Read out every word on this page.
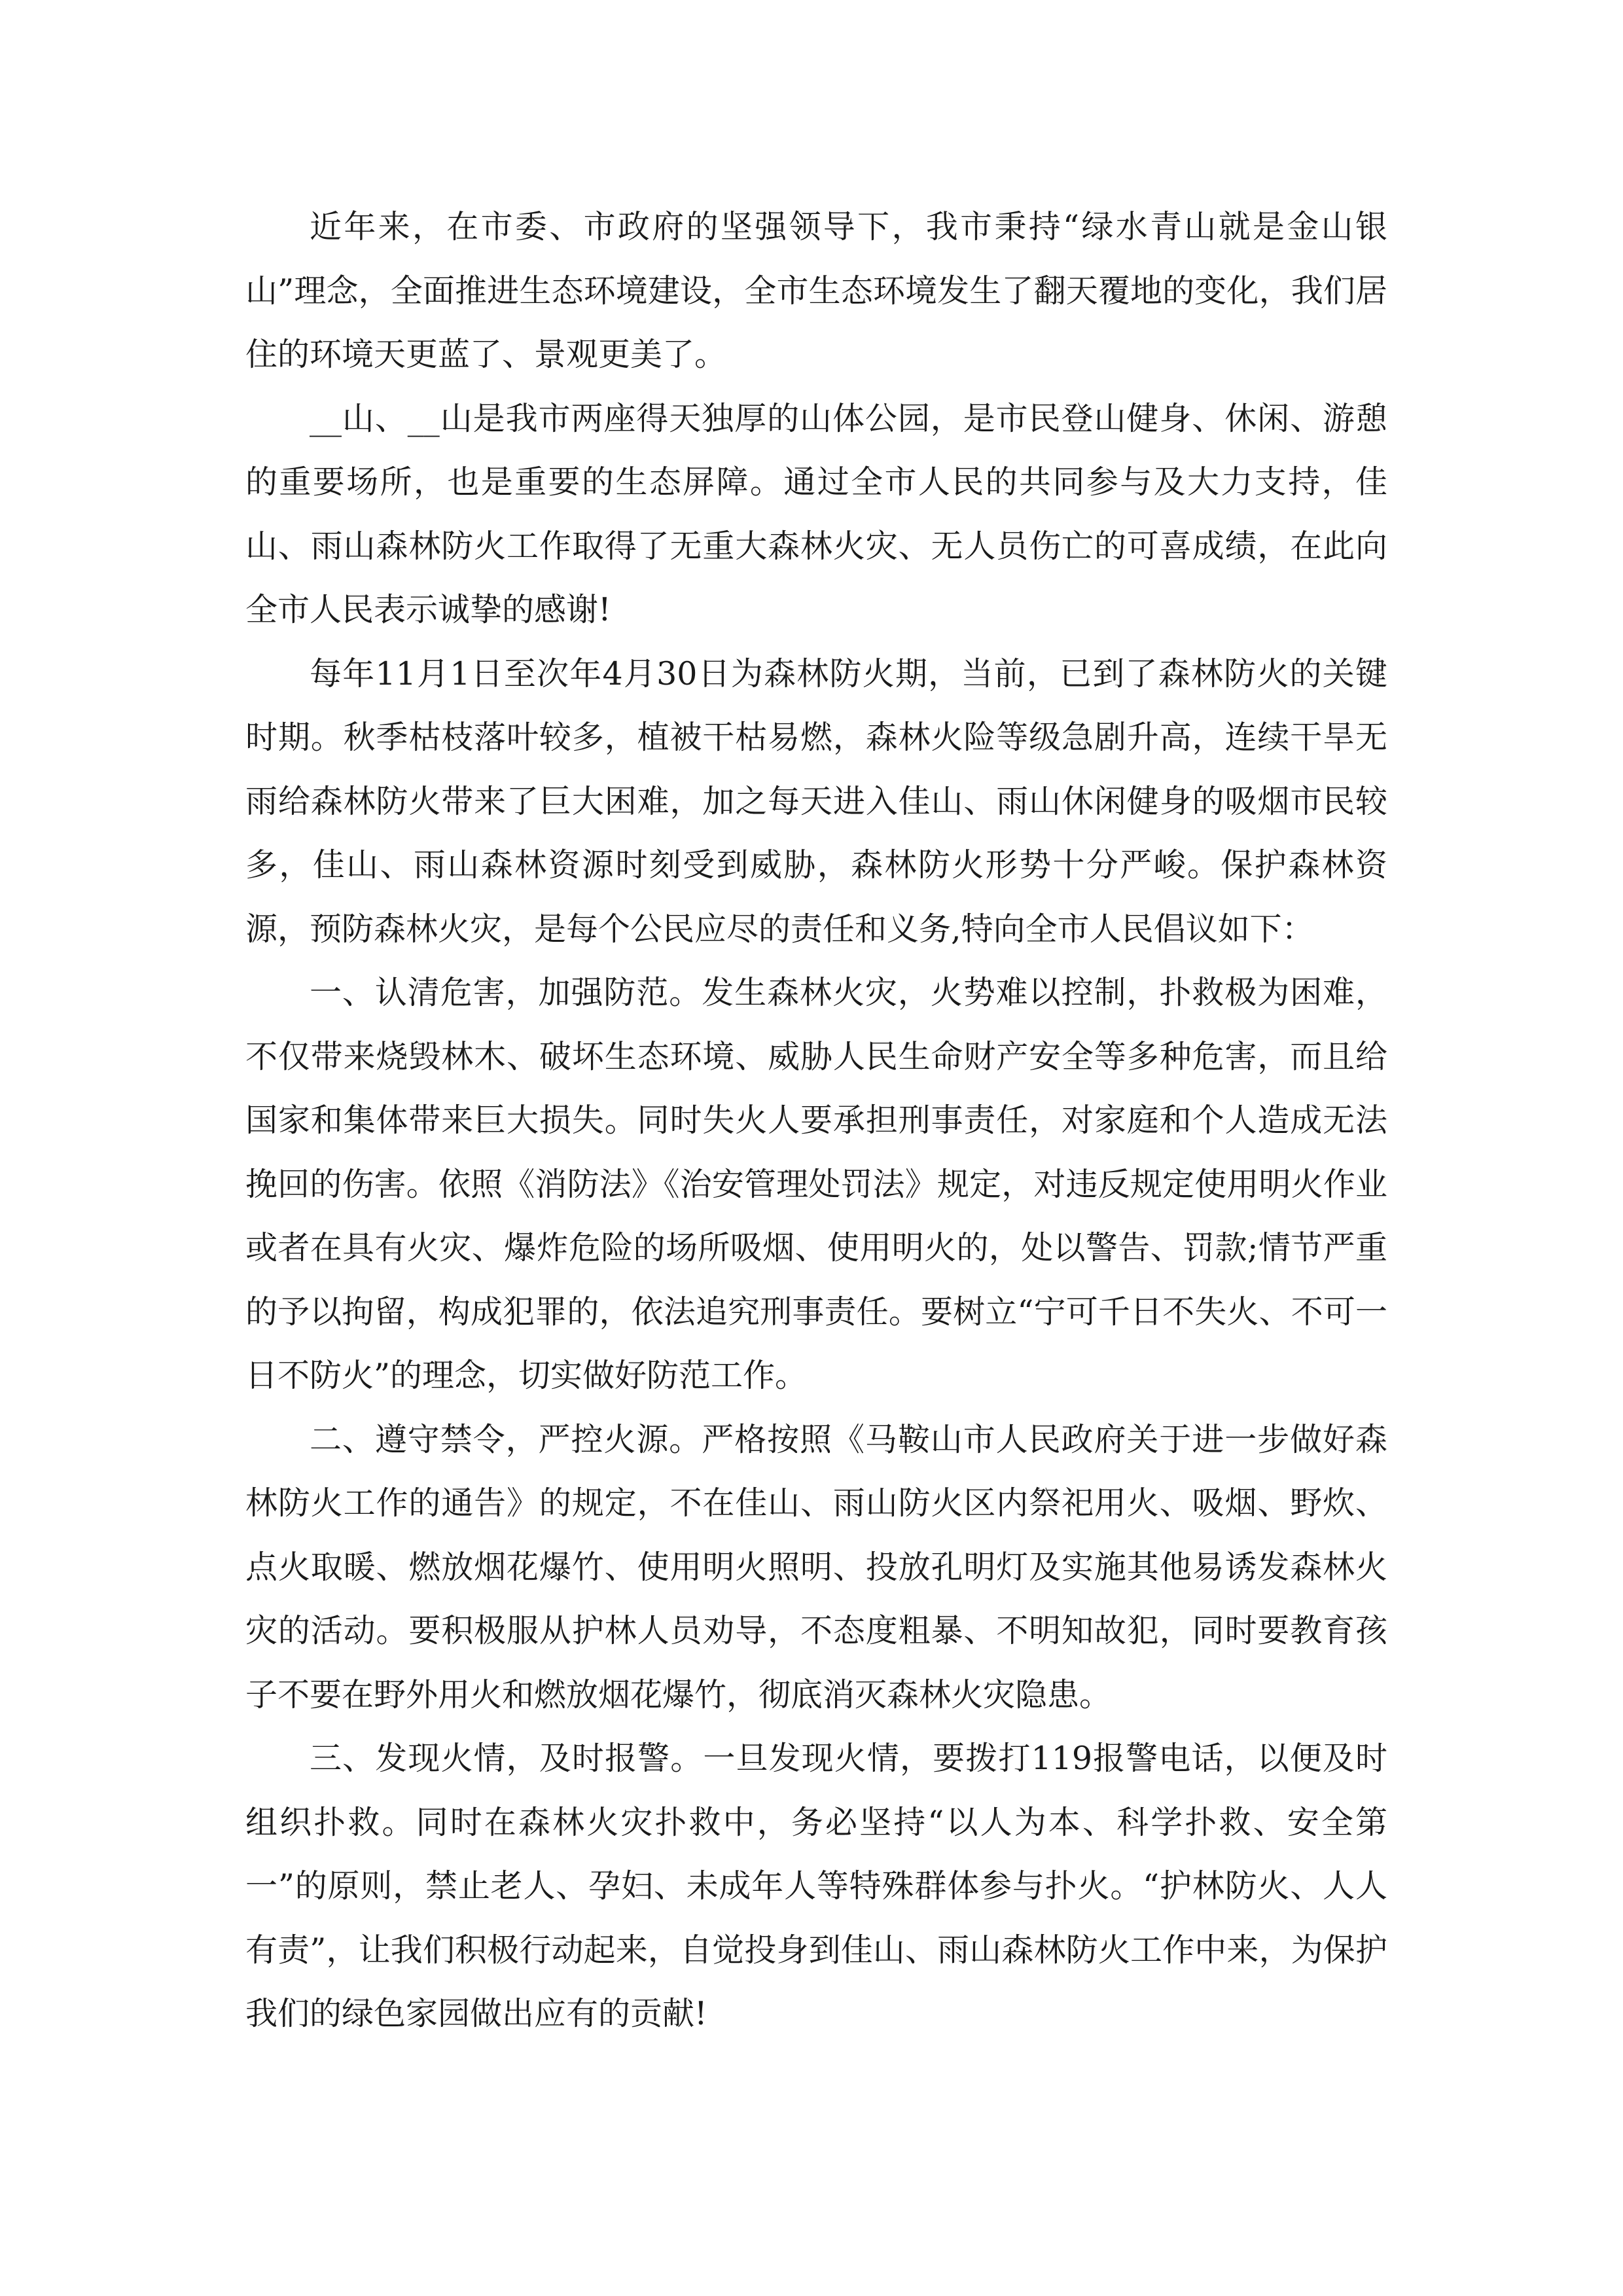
近年来，在市委、市政府的坚强领导下，我市秉持“绿水青山就是金山银山”理念，全面推进生态环境建设，全市生态环境发生了翻天覆地的变化，我们居住的环境天更蓝了、景观更美了。

__山、__山是我市两座得天独厚的山体公园，是市民登山健身、休闲、游憩的重要场所，也是重要的生态屏障。通过全市人民的共同参与及大力支持，佳山、雨山森林防火工作取得了无重大森林火灾、无人员伤亡的可喜成绩，在此向全市人民表示诚挚的感谢!

每年11月1日至次年4月30日为森林防火期，当前，已到了森林防火的关键时期。秋季枯枝落叶较多，植被干枯易燃，森林火险等级急剧升高，连续干旱无雨给森林防火带来了巨大困难，加之每天进入佳山、雨山休闲健身的吸烟市民较多，佳山、雨山森林资源时刻受到威胁，森林防火形势十分严峻。保护森林资源，预防森林火灾，是每个公民应尽的责任和义务,特向全市人民倡议如下：

一、认清危害，加强防范。发生森林火灾，火势难以控制，扑救极为困难，不仅带来烧毁林木、破坏生态环境、威胁人民生命财产安全等多种危害，而且给国家和集体带来巨大损失。同时失火人要承担刑事责任，对家庭和个人造成无法挽回的伤害。依照《消防法》《治安管理处罚法》规定，对违反规定使用明火作业或者在具有火灾、爆炸危险的场所吸烟、使用明火的，处以警告、罚款;情节严重的予以拘留，构成犯罪的，依法追究刑事责任。要树立“宁可千日不失火、不可一日不防火”的理念，切实做好防范工作。

二、遵守禁令，严控火源。严格按照《马鞍山市人民政府关于进一步做好森林防火工作的通告》的规定，不在佳山、雨山防火区内祭祀用火、吸烟、野炊、点火取暖、燃放烟花爆竹、使用明火照明、投放孔明灯及实施其他易诱发森林火灾的活动。要积极服从护林人员劝导，不态度粗暴、不明知故犯，同时要教育孩子不要在野外用火和燃放烟花爆竹，彻底消灭森林火灾隐患。

三、发现火情，及时报警。一旦发现火情，要拨打119报警电话，以便及时组织扑救。同时在森林火灾扑救中，务必坚持“以人为本、科学扑救、安全第一”的原则，禁止老人、孕妇、未成年人等特殊群体参与扑火。“护林防火、人人有责”，让我们积极行动起来，自觉投身到佳山、雨山森林防火工作中来，为保护我们的绿色家园做出应有的贡献!
